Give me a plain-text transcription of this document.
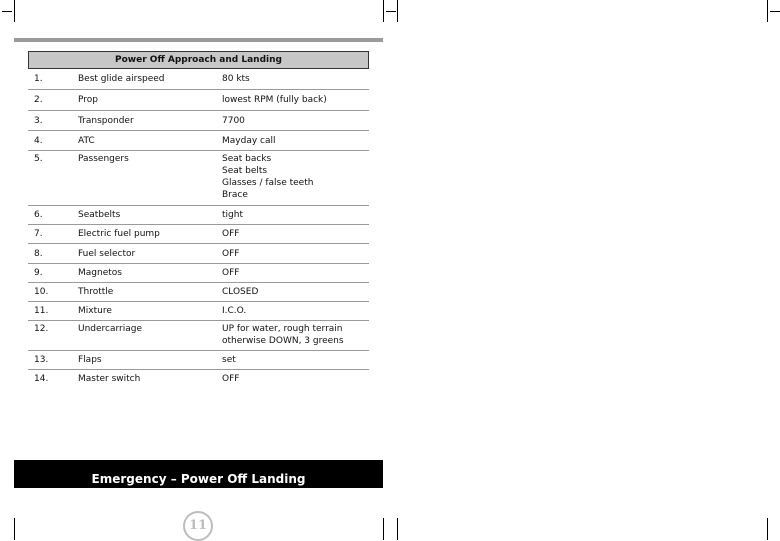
Power Off Approach and Landing
1.	Best glide airspeed	80 kts
2.	Prop	lowest RPM (fully back)
3.	Transponder	7700
4.	ATC	Mayday call
5.	Passengers	Seat backs
Seat belts
Glasses / false teeth
Brace
6.	Seatbelts	tight
7.	Electric fuel pump	OFF
8.	Fuel selector	OFF
9.	Magnetos	OFF
10.	Throttle	CLOSED
11.	Mixture	I.C.O.
12.	Undercarriage	UP for water, rough terrain
otherwise DOWN, 3 greens
13.	Flaps	set
14.	Master switch	OFF
Emergency – Power Off Landing
11
